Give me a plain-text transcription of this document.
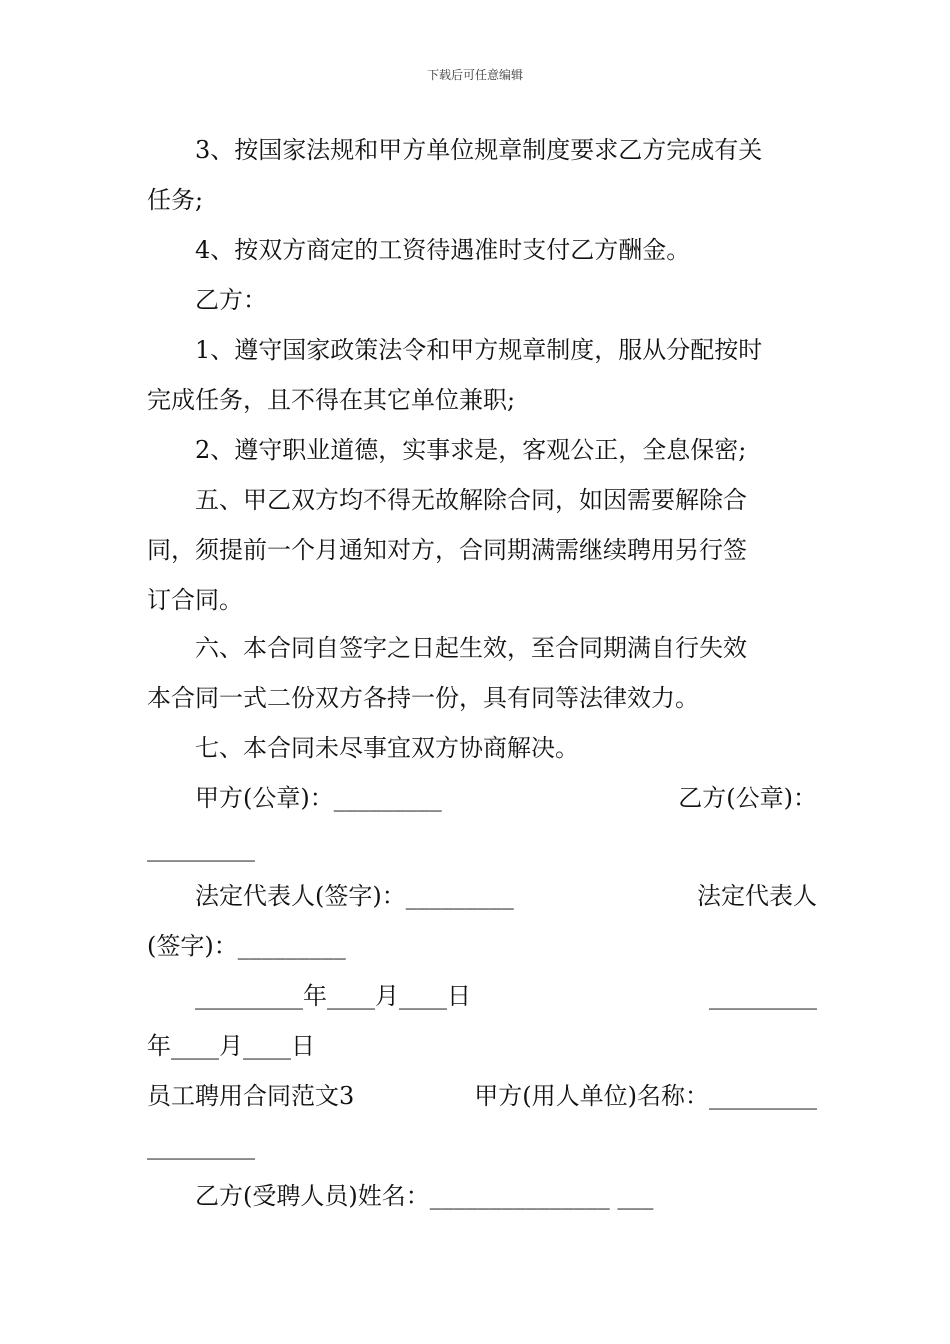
下载后可任意编辑
3、按国家法规和甲方单位规章制度要求乙方完成有关
任务;
4、按双方商定的工资待遇准时支付乙方酬金。
乙方：
1、遵守国家政策法令和甲方规章制度，服从分配按时
完成任务，且不得在其它单位兼职;
2、遵守职业道德，实事求是，客观公正，全息保密;
五、甲乙双方均不得无故解除合同，如因需要解除合
同，须提前一个月通知对方，合同期满需继续聘用另行签
订合同。
六、本合同自签字之日起生效，至合同期满自行失效
本合同一式二份双方各持一份，具有同等法律效力。
七、本合同未尽事宜双方协商解决。
甲方(公章)：_________	乙方(公章)：
_________
法定代表人(签字)：_________	法定代表人
(签字)：_________
_________年____月____日	_________
年____月____日
员工聘用合同范文3	甲方(用人单位)名称：_________
_________
乙方(受聘人员)姓名：_______________ ___
